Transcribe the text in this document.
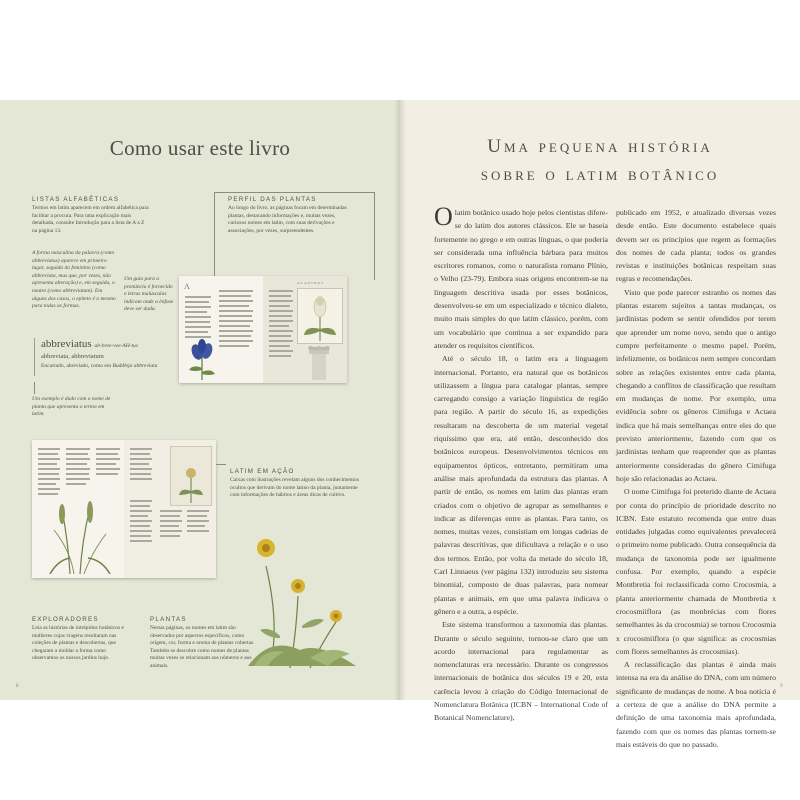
Como usar este livro
LISTAS ALFABÉTICAS
Termos em latim aparecem em ordem alfabética para facilitar a procura. Para uma explicação mais detalhada, consulte Introdução para a lista de A a Z na página 13.
A forma masculina da palavra (como abbreviatus) aparece em primeiro lugar, seguida do feminino (como abbreviata, mas que, por vezes, não apresenta alteração) e, em seguida, o neutro (como abbreviatum). Em alguns dos casos, o epíteto é o mesmo para todas as formas.
Um guia para a pronúncia é fornecido e letras maiúsculas indicam onde a ênfase deve ser dada.
PERFIL DAS PLANTAS
Ao longo do livro, as páginas focam em determinadas plantas, destacando informações e, muitas vezes, curiosos nomes em latim, com suas derivações e associações, por vezes, surpreendentes.
abbreviatus ab-bree-vee-AH-tus
abbreviata, abbreviatum
Encurtado, abreviado, como em Buddleja abbreviata
Um exemplo é dado com o nome de planta que apresenta o termo em latim.
A	ACANTHUS
LATIM EM AÇÃO
Caixas com ilustrações revelam alguns dos conhecimentos ocultos que derivam do nome latino da planta, juntamente com informações de hábitos e áreas dicas de cultivo.
EXPLORADORES
Leia as histórias de intrépidos botânicos e mulheres cujas viagens resultaram nas coleções de plantas e descobertas, que chegaram a moldar a forma como observamos os nossos jardins hoje.
PLANTAS
Nestas páginas, os nomes em latim são observados por aspectos específicos, como origem, cor, forma e aroma de plantas cobertas. Também se descobre como nomes de plantas muitas vezes se relacionam aos números e aos animais.
8
Uma pequena história
sobre o latim botânico

Olatim botânico usado hoje pelos cientistas difere-se do latim dos autores clássicos. Ele se baseia fortemente no grego e em outras línguas, o que poderia ser considerada uma influência bárbara para muitos escritores romanos, como o naturalista romano Plínio, o Velho (23-79). Embora suas origens encontrem-se na linguagem descritiva usada por esses botânicos, desenvolveu-se em um especializado e técnico dialeto, muito mais simples do que latim clássico, porém, com um vocabulário que continua a ser expandido para atender os requisitos científicos.

Até o século 18, o latim era a linguagem internacional. Portanto, era natural que os botânicos utilizassem a língua para catalogar plantas, sempre carregando consigo a variação linguística de região para região. A partir do século 16, as expedições resultaram na descoberta de um material vegetal riquíssimo que era, até então, desconhecido dos botânicos europeus. Desenvolvimentos técnicos em equipamentos ópticos, entretanto, permitiram uma análise mais aprofundada da estrutura das plantas. A partir de então, os nomes em latim das plantas eram criados com o objetivo de agrupar as semelhantes e indicar as diferenças entre as plantas. Para tanto, os nomes, muitas vezes, consistiam em longas cadeias de palavras descritivas, que dificultava a relação e o uso dos termos. Então, por volta da metade do século 18, Carl Linnaeus (ver página 132) introduziu seu sistema binomial, composto de duas palavras, para nomear plantas e animais, em que uma palavra indicava o gênero e a outra, a espécie.

Este sistema transformou a taxonomia das plantas. Durante o século seguinte, tornou-se claro que um acordo internacional para regulamentar as nomenclaturas era necessário. Durante os congressos internacionais de botânica dos séculos 19 e 20, esta carência levou à criação do Código Internacional de Nomenclatura Botânica (ICBN – International Code of Botanical Nomenclature),

publicado em 1952, e atualizado diversas vezes desde então. Este documento estabelece quais devem ser os princípios que regem as formações dos nomes de cada planta; todos os grandes revistas e instituições botânicas respeitam suas regras e recomendações.

Visto que pode parecer estranho os nomes das plantas estarem sujeitos a tantas mudanças, os jardinistas podem se sentir ofendidos por terem que aprender um nome novo, sendo que o antigo cumpre perfeitamente o mesmo papel. Porém, infelizmente, os botânicos nem sempre concordam sobre as relações existentes entre cada planta, chegando a conflitos de classificação que resultam em mudanças de nome. Por exemplo, uma evidência sobre os gêneros Cimifuga e Actaea indica que há mais semelhanças entre eles do que previsto anteriormente, fazendo com que os jardinistas tenham que reaprender que as plantas anteriormente consideradas do gênero Cimifuga hoje são relacionadas ao Actaea.

O nome Cimifuga foi preterido diante de Actaea por conta do princípio de prioridade descrito no ICBN. Este estatuto recomenda que entre duas entidades julgadas como equivalentes prevalecerá o primeiro nome publicado. Outra consequência da mudança de taxonomia pode ser igualmente confusa. Por exemplo, quando a espécie Montbretia foi reclassificada como Crocosmia, a planta anteriormente chamada de Montbretia x crocosmiiflora (as monbrécias com flores semelhantes às da crocosmia) se tornou Crocosmia x crocosmiiflora (o que significa: as crocosmias com flores semelhantes às crocosmias).

A reclassificação das plantas é ainda mais intensa na era da análise do DNA, com um número significante de mudanças de nome. A boa notícia é a certeza de que a análise do DNA permite a definição de uma taxonomia mais aprofundada, fazendo com que os nomes das plantas tornem-se mais estáveis do que no passado.

9
